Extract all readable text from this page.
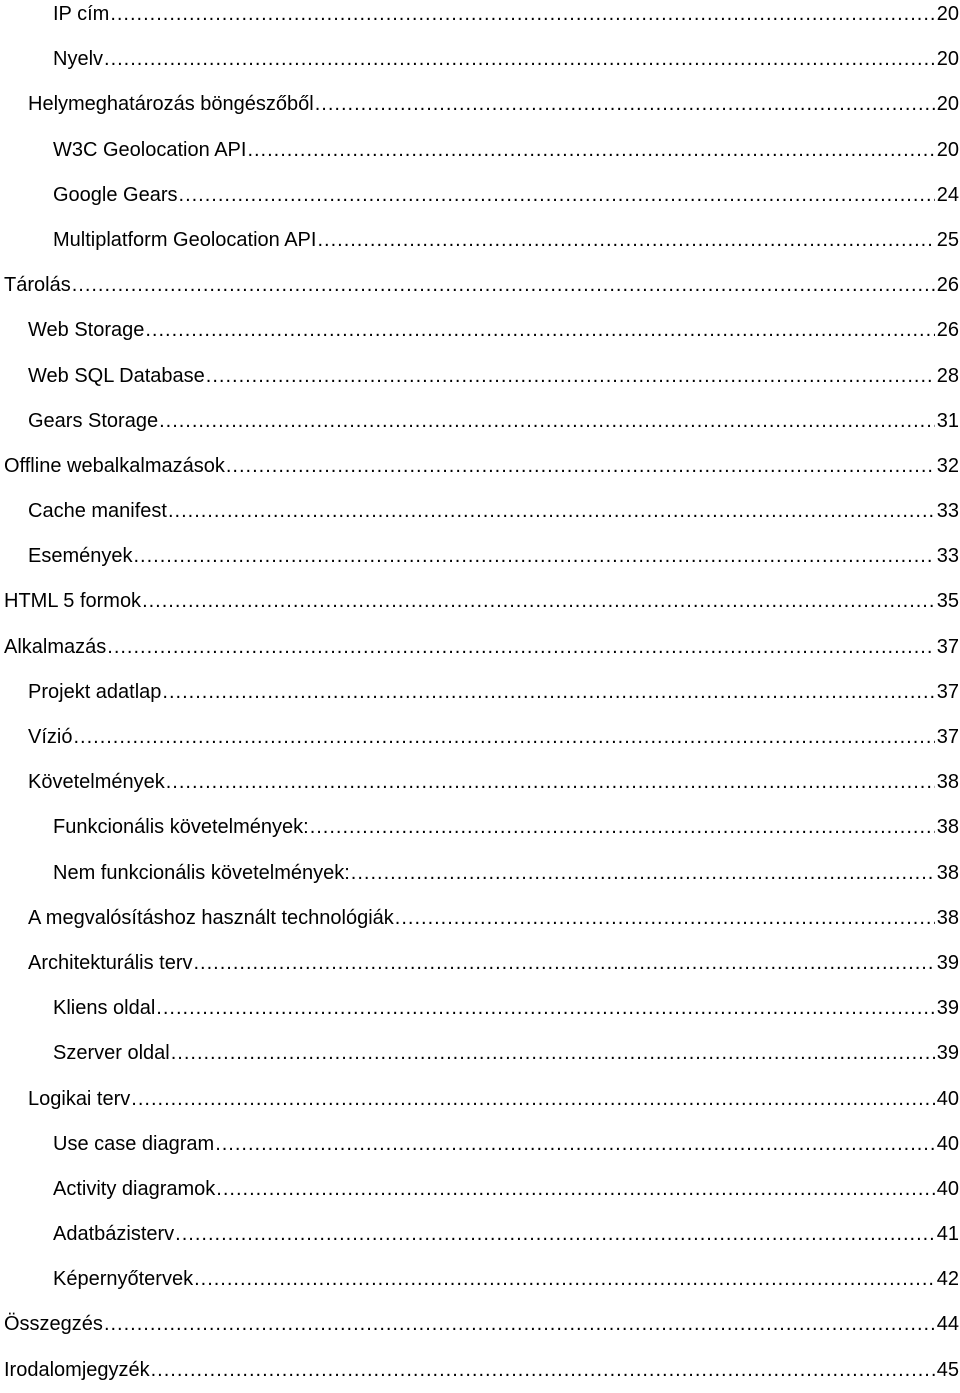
IP cím .....	20
Nyelv .....	20
Helymeghatározás böngészőből .....	20
W3C Geolocation API .....	20
Google Gears .....	24
Multiplatform Geolocation API .....	25
Tárolás .....	26
Web Storage .....	26
Web SQL Database .....	28
Gears Storage .....	31
Offline webalkalmazások .....	32
Cache manifest .....	33
Események .....	33
HTML 5 formok .....	35
Alkalmazás .....	37
Projekt adatlap .....	37
Vízió .....	37
Követelmények .....	38
Funkcionális követelmények: .....	38
Nem funkcionális követelmények: .....	38
A megvalósításhoz használt technológiák .....	38
Architekturális terv .....	39
Kliens oldal .....	39
Szerver oldal .....	39
Logikai terv .....	40
Use case diagram .....	40
Activity diagramok .....	40
Adatbázisterv .....	41
Képernyőtervek .....	42
Összegzés .....	44
Irodalomjegyzék .....	45
